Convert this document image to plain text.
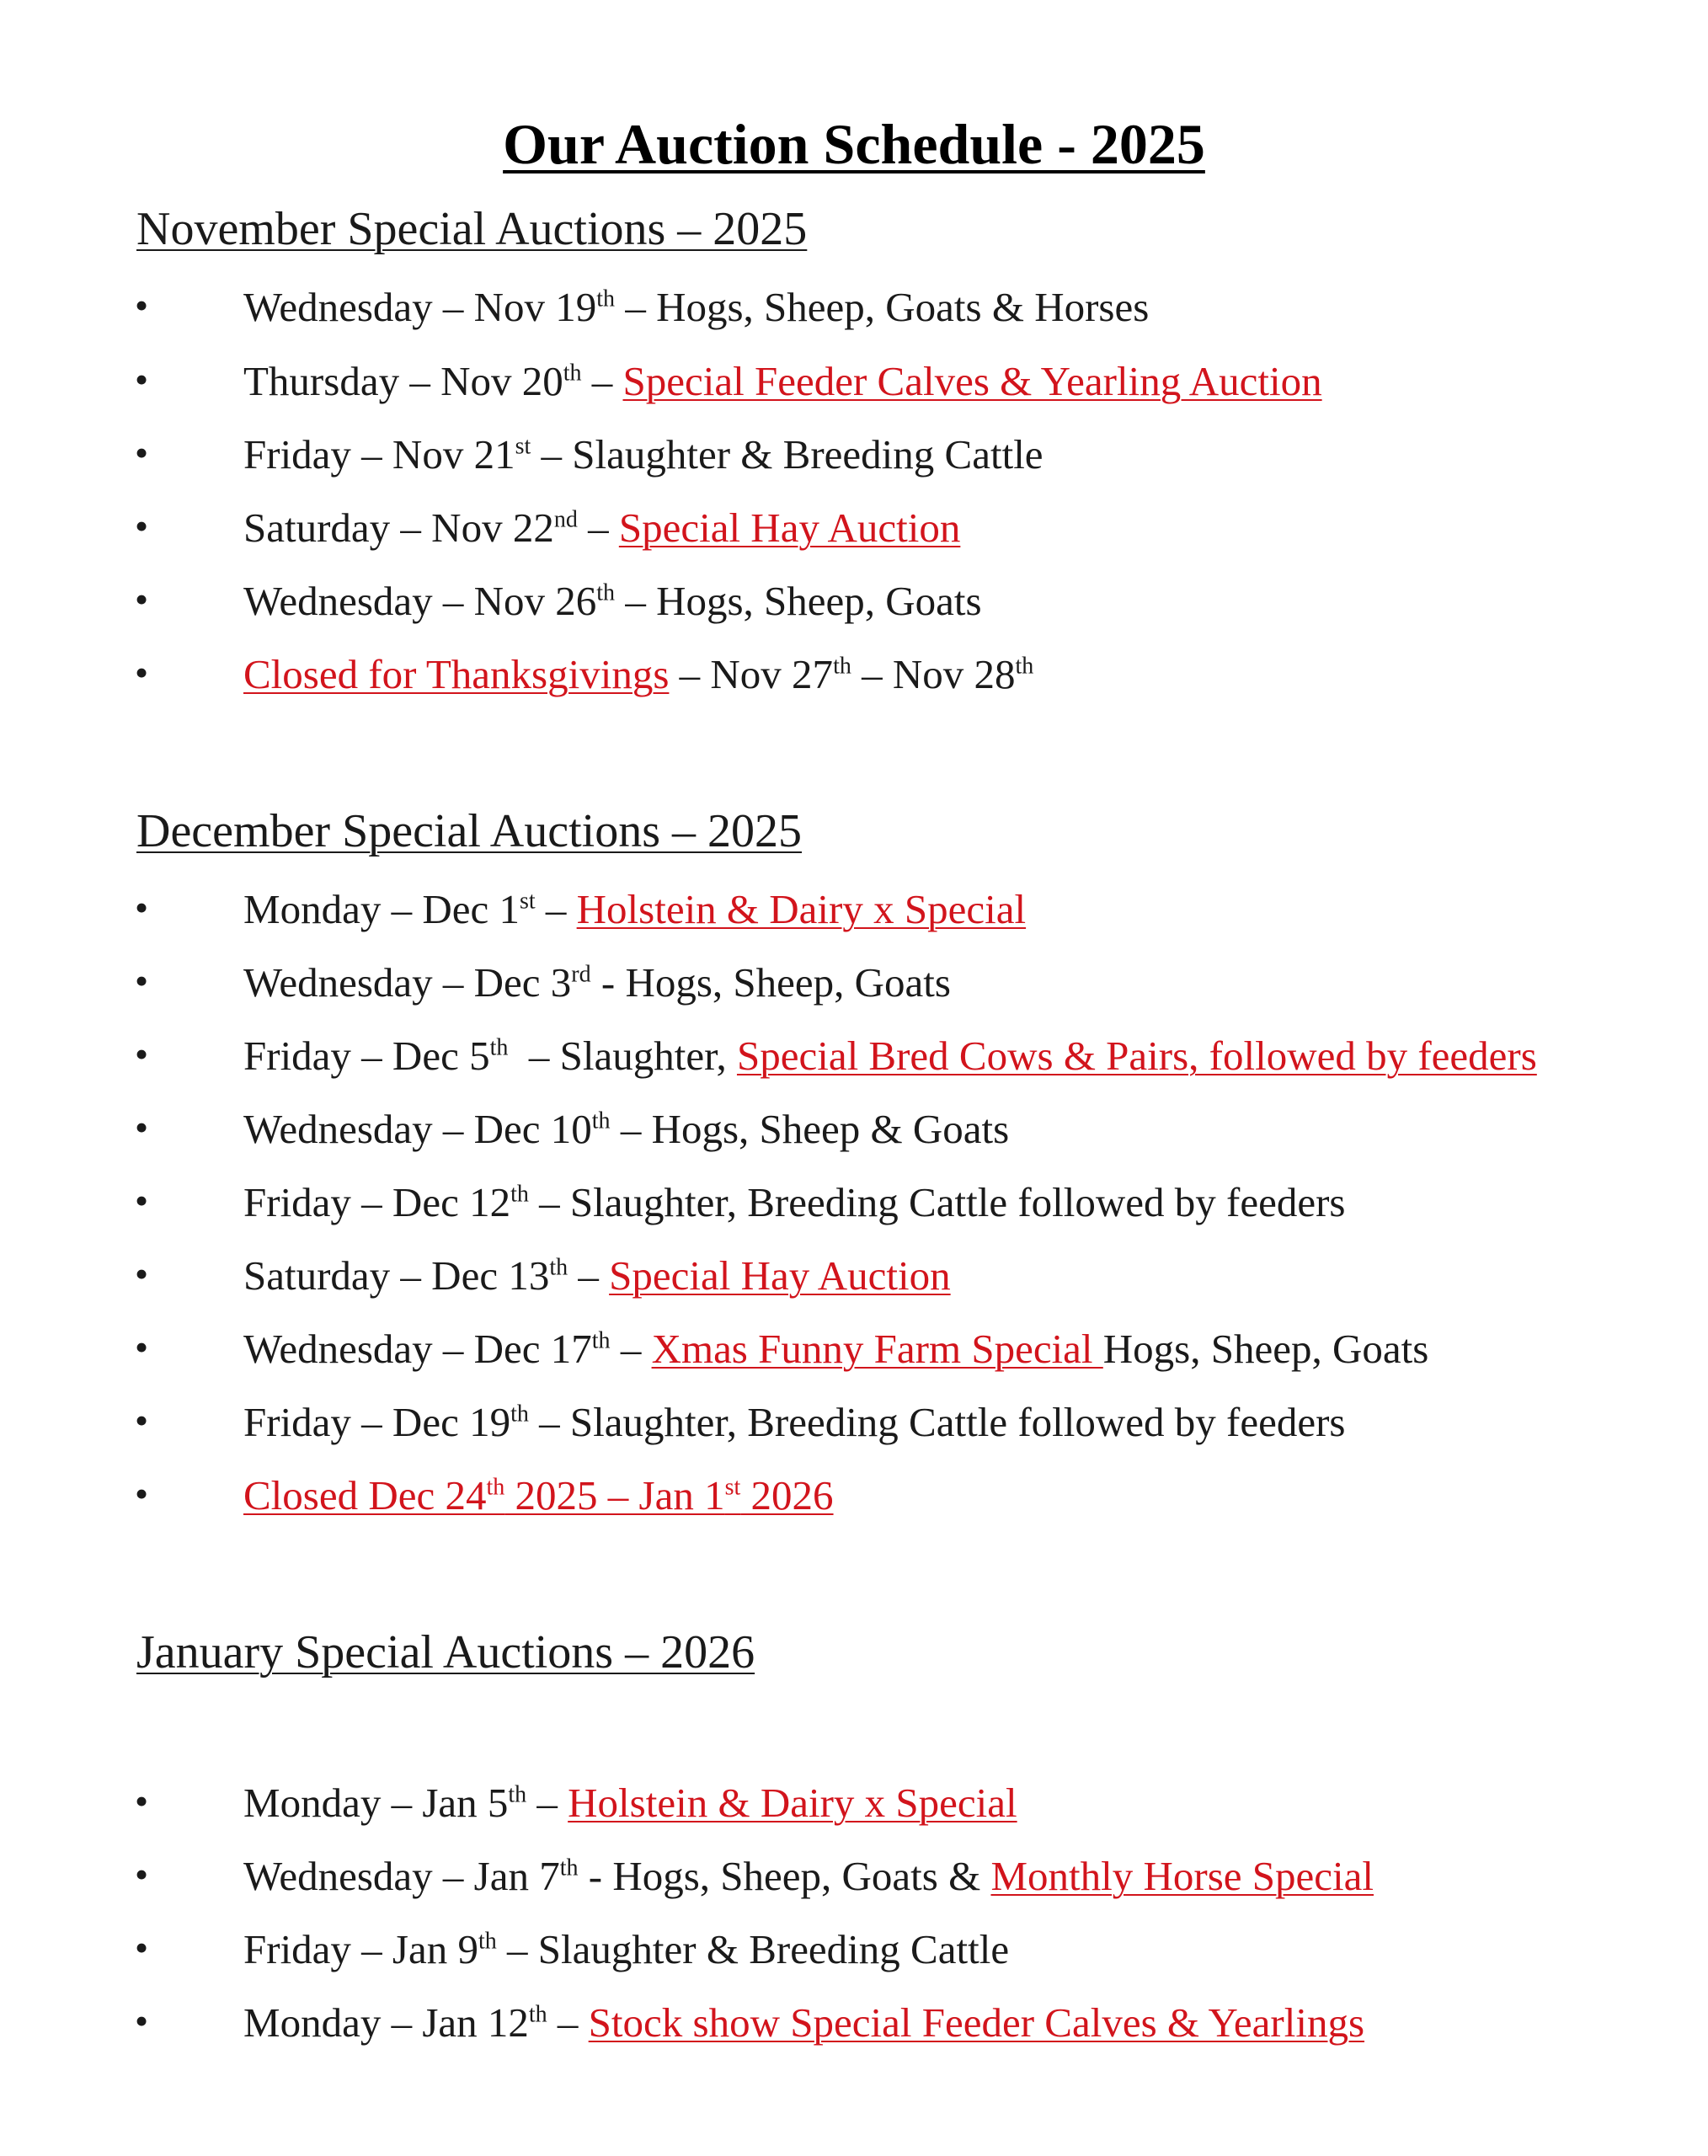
Our Auction Schedule - 2025
November Special Auctions – 2025
• Wednesday – Nov 19th – Hogs, Sheep, Goats & Horses
• Thursday – Nov 20th – Special Feeder Calves & Yearling Auction
• Friday – Nov 21st – Slaughter & Breeding Cattle
• Saturday – Nov 22nd – Special Hay Auction
• Wednesday – Nov 26th – Hogs, Sheep, Goats
• Closed for Thanksgivings – Nov 27th – Nov 28th
December Special Auctions – 2025
• Monday – Dec 1st – Holstein & Dairy x Special
• Wednesday – Dec 3rd - Hogs, Sheep, Goats
• Friday – Dec 5th  – Slaughter, Special Bred Cows & Pairs, followed by feeders
• Wednesday – Dec 10th – Hogs, Sheep & Goats
• Friday – Dec 12th – Slaughter, Breeding Cattle followed by feeders
• Saturday – Dec 13th – Special Hay Auction
• Wednesday – Dec 17th – Xmas Funny Farm Special Hogs, Sheep, Goats
• Friday – Dec 19th – Slaughter, Breeding Cattle followed by feeders
• Closed Dec 24th 2025 – Jan 1st 2026
January Special Auctions – 2026
• Monday – Jan 5th – Holstein & Dairy x Special
• Wednesday – Jan 7th - Hogs, Sheep, Goats & Monthly Horse Special
• Friday – Jan 9th – Slaughter & Breeding Cattle
• Monday – Jan 12th – Stock show Special Feeder Calves & Yearlings
